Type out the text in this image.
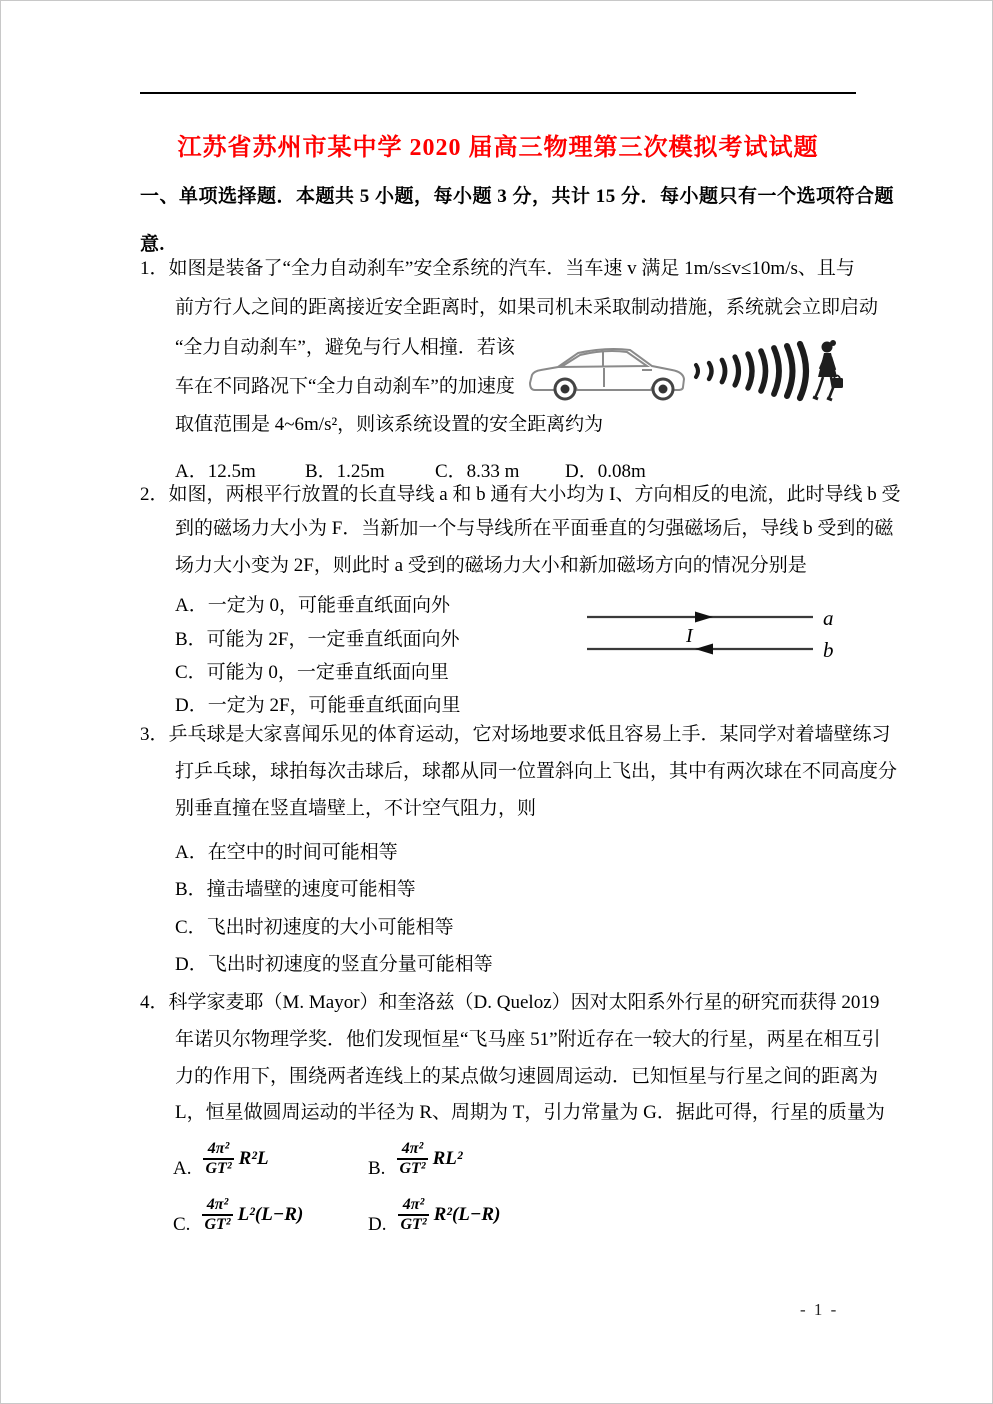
江苏省苏州市某中学 2020 届高三物理第三次模拟考试试题
一、单项选择题．本题共 5 小题，每小题 3 分，共计 15 分．每小题只有一个选项符合题
意.
1．如图是装备了“全力自动刹车”安全系统的汽车．当车速 v 满足 1m/s≤v≤10m/s、且与
前方行人之间的距离接近安全距离时，如果司机未采取制动措施，系统就会立即启动
“全力自动刹车”，避免与行人相撞．若该
车在不同路况下“全力自动刹车”的加速度
取值范围是 4~6m/s²，则该系统设置的安全距离约为
A．12.5m	B．1.25m	C．8.33 m D．0.08m
2．如图，两根平行放置的长直导线 a 和 b 通有大小均为 I、方向相反的电流，此时导线 b 受
到的磁场力大小为 F．当新加一个与导线所在平面垂直的匀强磁场后，导线 b 受到的磁
场力大小变为 2F，则此时 a 受到的磁场力大小和新加磁场方向的情况分别是
A．一定为 0，可能垂直纸面向外
B．可能为 2F，一定垂直纸面向外
C．可能为 0，一定垂直纸面向里
D．一定为 2F，可能垂直纸面向里
a
I
b
3．乒乓球是大家喜闻乐见的体育运动，它对场地要求低且容易上手．某同学对着墙壁练习
打乒乓球，球拍每次击球后，球都从同一位置斜向上飞出，其中有两次球在不同高度分
别垂直撞在竖直墙壁上，不计空气阻力，则
A．在空中的时间可能相等
B．撞击墙壁的速度可能相等
C．飞出时初速度的大小可能相等
D．飞出时初速度的竖直分量可能相等
4．科学家麦耶（M. Mayor）和奎洛兹（D. Queloz）因对太阳系外行星的研究而获得 2019
年诺贝尔物理学奖．他们发现恒星“飞马座 51”附近存在一较大的行星，两星在相互引
力的作用下，围绕两者连线上的某点做匀速圆周运动．已知恒星与行星之间的距离为
L，恒星做圆周运动的半径为 R、周期为 T，引力常量为 G．据此可得，行星的质量为
A. $\frac{\text{4π²}}{\text{GT²}} R^2L$	B. $\frac{\text{4π²}}{\text{GT²}} RL^2$
C. $\frac{\text{4π²}}{\text{GT²}} L^2(L-R)$	D. $\frac{\text{4π²}}{\text{GT²}} R^2(L-R)$
- 1 -
